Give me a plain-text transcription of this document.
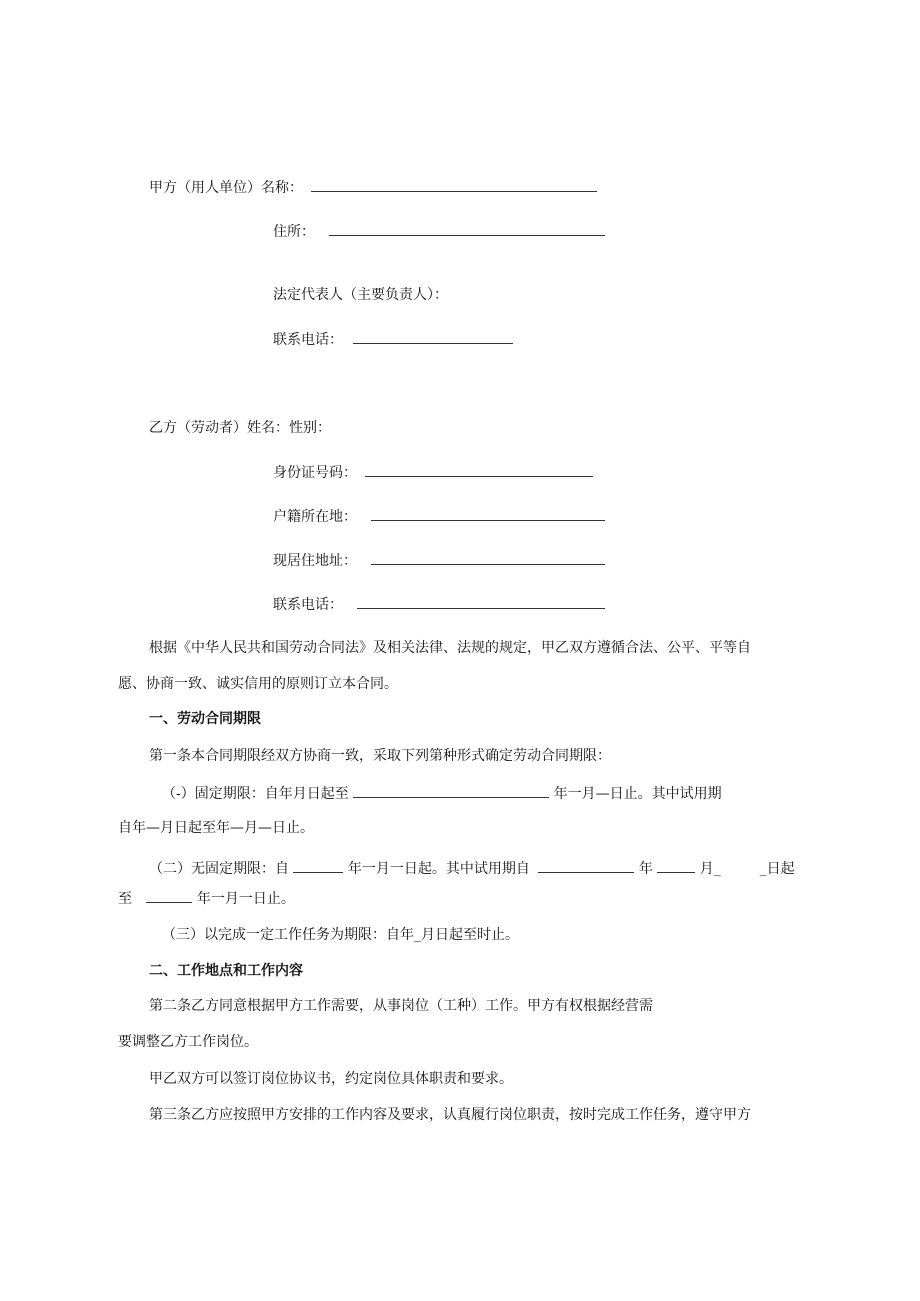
甲方（用人单位）名称：
住所：
法定代表人（主要负责人）：
联系电话：
乙方（劳动者）姓名：性别：
身份证号码：
户籍所在地：
现居住地址：
联系电话：
根据《中华人民共和国劳动合同法》及相关法律、法规的规定，甲乙双方遵循合法、公平、平等自
愿、协商一致、诚实信用的原则订立本合同。
一、劳动合同期限
第一条本合同期限经双方协商一致，采取下列第种形式确定劳动合同期限：
（-）固定期限：自年月日起至	年一月—日止。其中试用期
自年—月日起至年—月—日止。
（二）无固定期限：自	年一月一日起。其中试用期自	年	月_	_日起
至	年一月一日止。
（三）以完成一定工作任务为期限：自年_月日起至时止。
二、工作地点和工作内容
第二条乙方同意根据甲方工作需要，从事岗位（工种）工作。甲方有权根据经营需
要调整乙方工作岗位。
甲乙双方可以签订岗位协议书，约定岗位具体职责和要求。
第三条乙方应按照甲方安排的工作内容及要求，认真履行岗位职责，按时完成工作任务，遵守甲方
